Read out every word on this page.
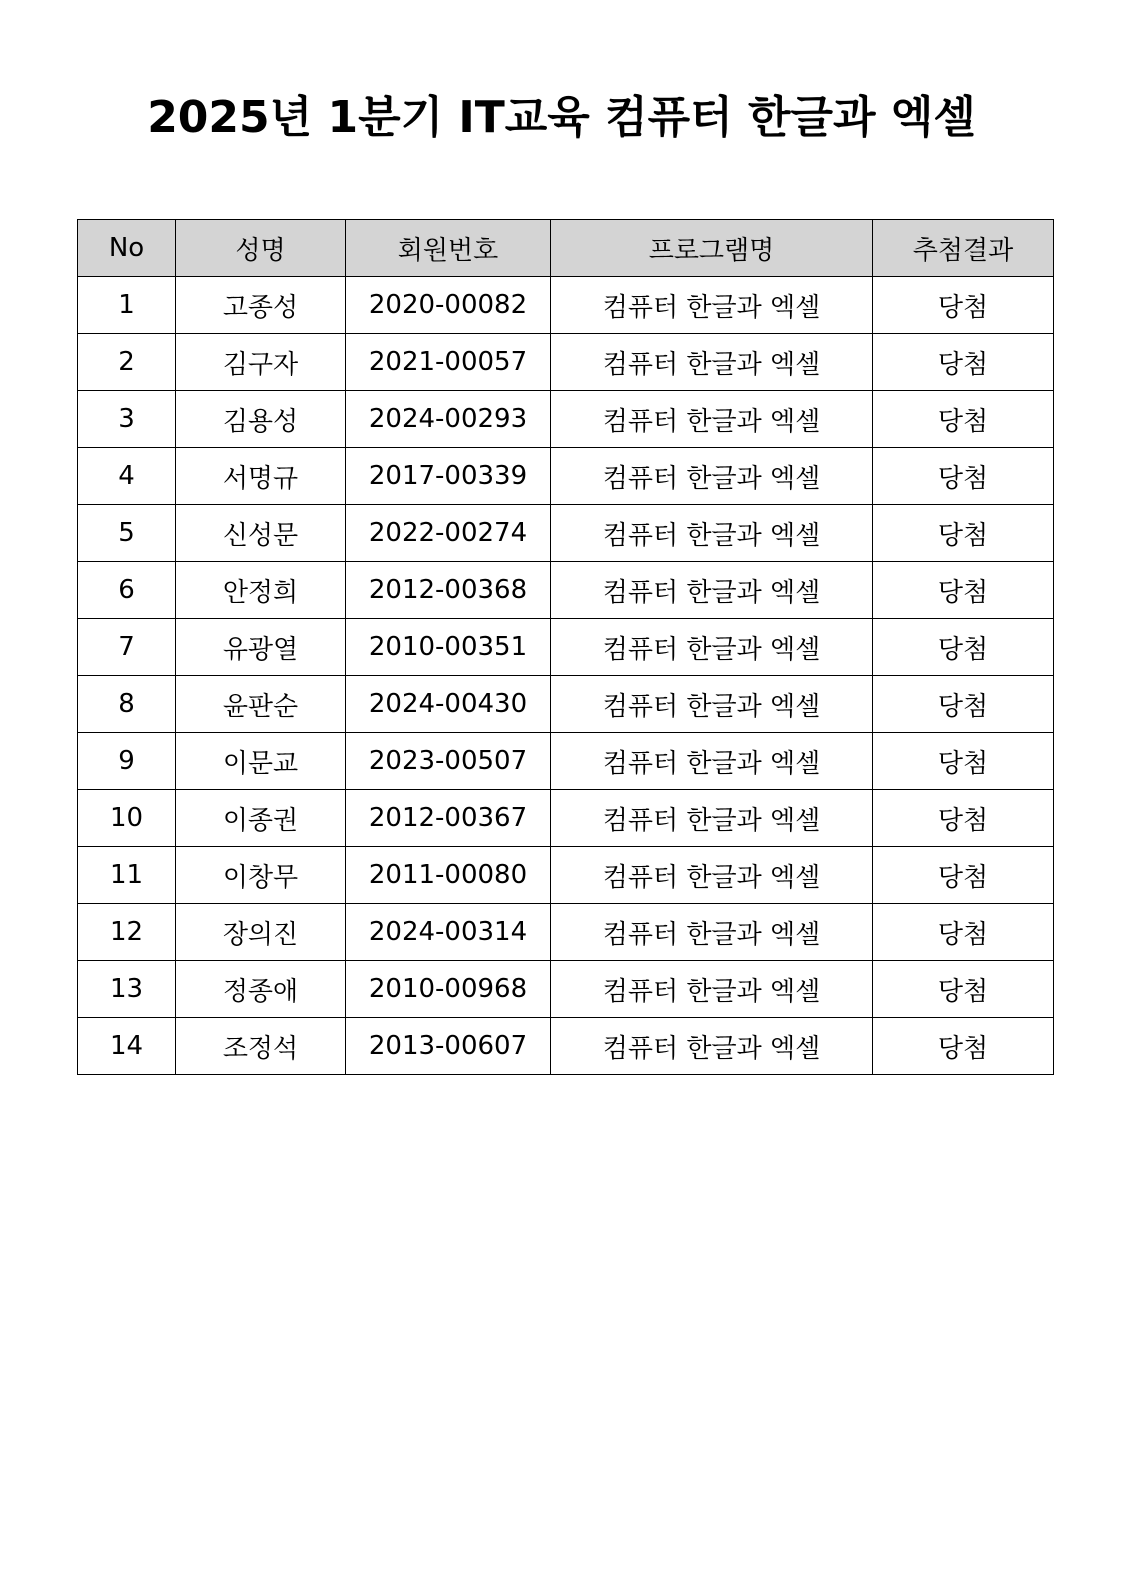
2025년 1분기 IT교육 컴퓨터 한글과 엑셀
No	성명	회원번호	프로그램명	추첨결과
1	고종성	2020-00082	컴퓨터 한글과 엑셀	당첨
2	김구자	2021-00057	컴퓨터 한글과 엑셀	당첨
3	김용성	2024-00293	컴퓨터 한글과 엑셀	당첨
4	서명규	2017-00339	컴퓨터 한글과 엑셀	당첨
5	신성문	2022-00274	컴퓨터 한글과 엑셀	당첨
6	안정희	2012-00368	컴퓨터 한글과 엑셀	당첨
7	유광열	2010-00351	컴퓨터 한글과 엑셀	당첨
8	윤판순	2024-00430	컴퓨터 한글과 엑셀	당첨
9	이문교	2023-00507	컴퓨터 한글과 엑셀	당첨
10	이종권	2012-00367	컴퓨터 한글과 엑셀	당첨
11	이창무	2011-00080	컴퓨터 한글과 엑셀	당첨
12	장의진	2024-00314	컴퓨터 한글과 엑셀	당첨
13	정종애	2010-00968	컴퓨터 한글과 엑셀	당첨
14	조정석	2013-00607	컴퓨터 한글과 엑셀	당첨
